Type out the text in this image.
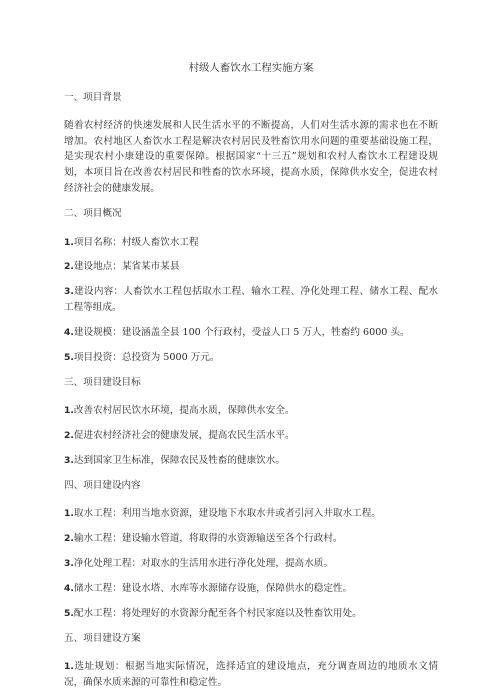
村级人畜饮水工程实施方案
一、项目背景
随着农村经济的快速发展和人民生活水平的不断提高，人们对生活水源的需求也在不断增加。农村地区人畜饮水工程是解决农村居民及牲畜饮用水问题的重要基础设施工程，是实现农村小康建设的重要保障。根据国家“十三五”规划和农村人畜饮水工程建设规划，本项目旨在改善农村居民和牲畜的饮水环境，提高水质，保障供水安全，促进农村经济社会的健康发展。
二、项目概况
1.项目名称：村级人畜饮水工程
2.建设地点：某省某市某县
3.建设内容：人畜饮水工程包括取水工程、输水工程、净化处理工程、储水工程、配水工程等组成。
4.建设规模：建设涵盖全县 100 个行政村，受益人口 5 万人，牲畜约 6000 头。
5.项目投资：总投资为 5000 万元。
三、项目建设目标
1.改善农村居民饮水环境，提高水质，保障供水安全。
2.促进农村经济社会的健康发展，提高农民生活水平。
3.达到国家卫生标准，保障农民及牲畜的健康饮水。
四、项目建设内容
1.取水工程：利用当地水资源，建设地下水取水井或者引河入井取水工程。
2.输水工程：建设输水管道，将取得的水资源输送至各个行政村。
3.净化处理工程：对取水的生活用水进行净化处理，提高水质。
4.储水工程：建设水塔、水库等水源储存设施，保障供水的稳定性。
5.配水工程：将处理好的水资源分配至各个村民家庭以及牲畜饮用处。
五、项目建设方案
1.选址规划：根据当地实际情况，选择适宜的建设地点，充分调查周边的地质水文情况，确保水质来源的可靠性和稳定性。
